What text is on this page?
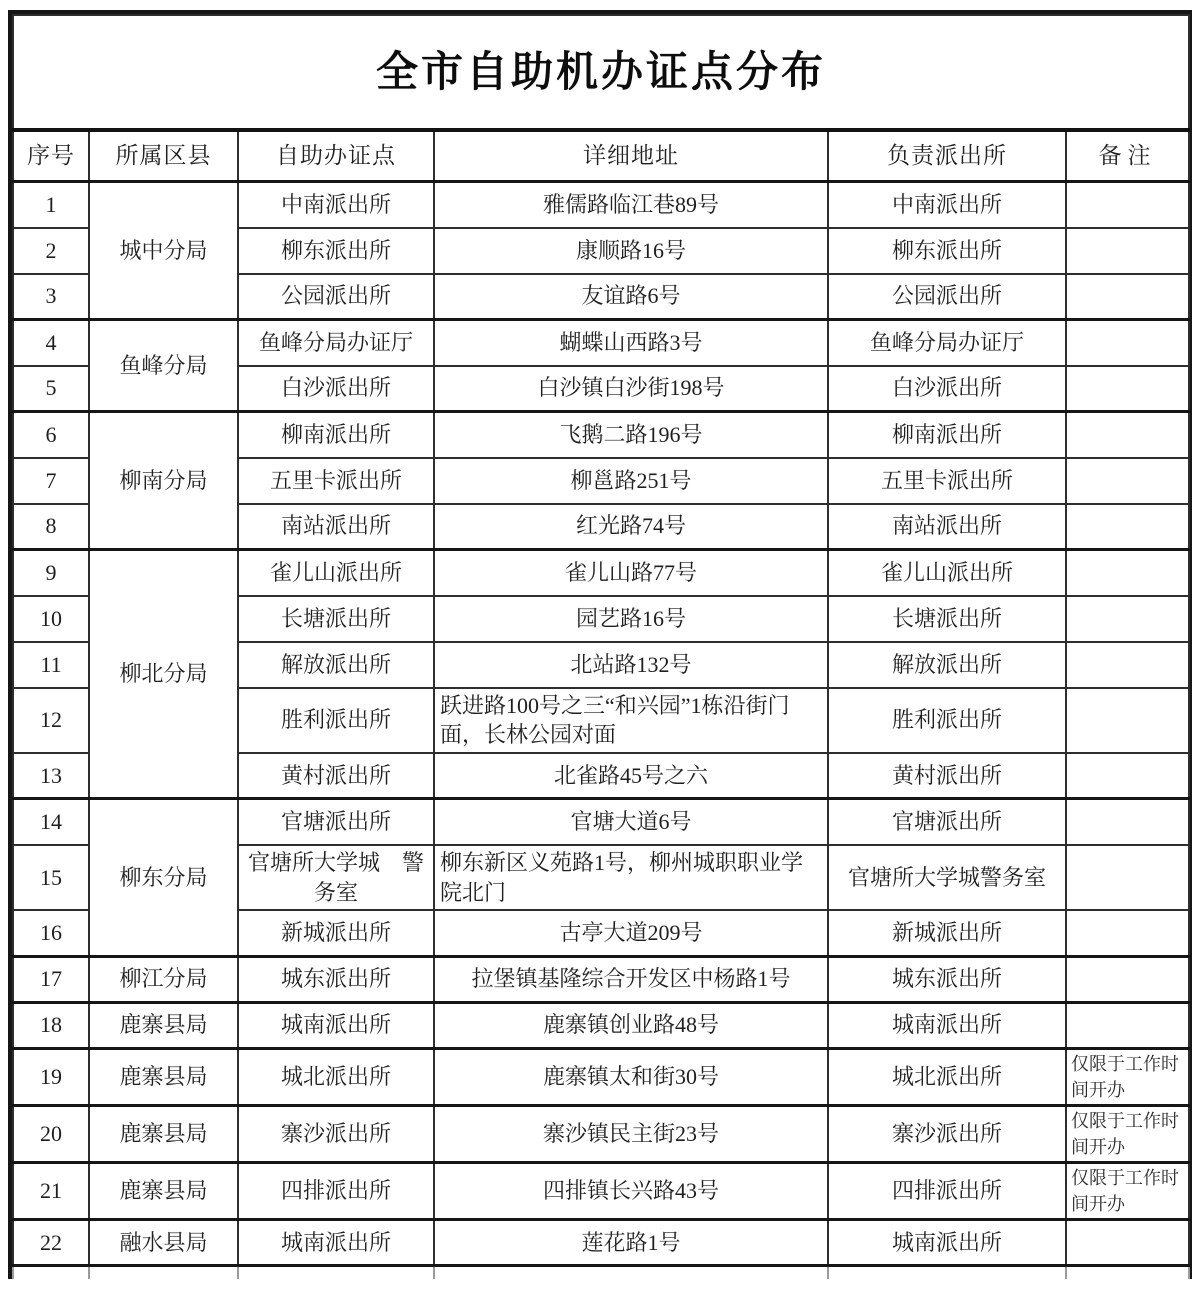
全市自助机办证点分布					
序号	所属区县	自助办证点	详细地址	负责派出所	备注
1	城中分局	中南派出所	雅儒路临江巷89号	中南派出所	
2		柳东派出所	康顺路16号	柳东派出所	
3		公园派出所	友谊路6号	公园派出所	
4	鱼峰分局	鱼峰分局办证厅	蝴蝶山西路3号	鱼峰分局办证厅	
5		白沙派出所	白沙镇白沙街198号	白沙派出所	
6	柳南分局	柳南派出所	飞鹅二路196号	柳南派出所	
7		五里卡派出所	柳邕路251号	五里卡派出所	
8		南站派出所	红光路74号	南站派出所	
9	柳北分局	雀儿山派出所	雀儿山路77号	雀儿山派出所	
10		长塘派出所	园艺路16号	长塘派出所	
11		解放派出所	北站路132号	解放派出所	
12		胜利派出所	跃进路100号之三“和兴园”1栋沿街门面，长林公园对面	胜利派出所	
13		黄村派出所	北雀路45号之六	黄村派出所	
14	柳东分局	官塘派出所	官塘大道6号	官塘派出所	
15		官塘所大学城　警务室	柳东新区义苑路1号，柳州城职职业学院北门	官塘所大学城警务室	
16		新城派出所	古亭大道209号	新城派出所	
17	柳江分局	城东派出所	拉堡镇基隆综合开发区中杨路1号	城东派出所	
18	鹿寨县局	城南派出所	鹿寨镇创业路48号	城南派出所	
19	鹿寨县局	城北派出所	鹿寨镇太和街30号	城北派出所	仅限于工作时间开办
20	鹿寨县局	寨沙派出所	寨沙镇民主街23号	寨沙派出所	仅限于工作时间开办
21	鹿寨县局	四排派出所	四排镇长兴路43号	四排派出所	仅限于工作时间开办
22	融水县局	城南派出所	莲花路1号	城南派出所	
